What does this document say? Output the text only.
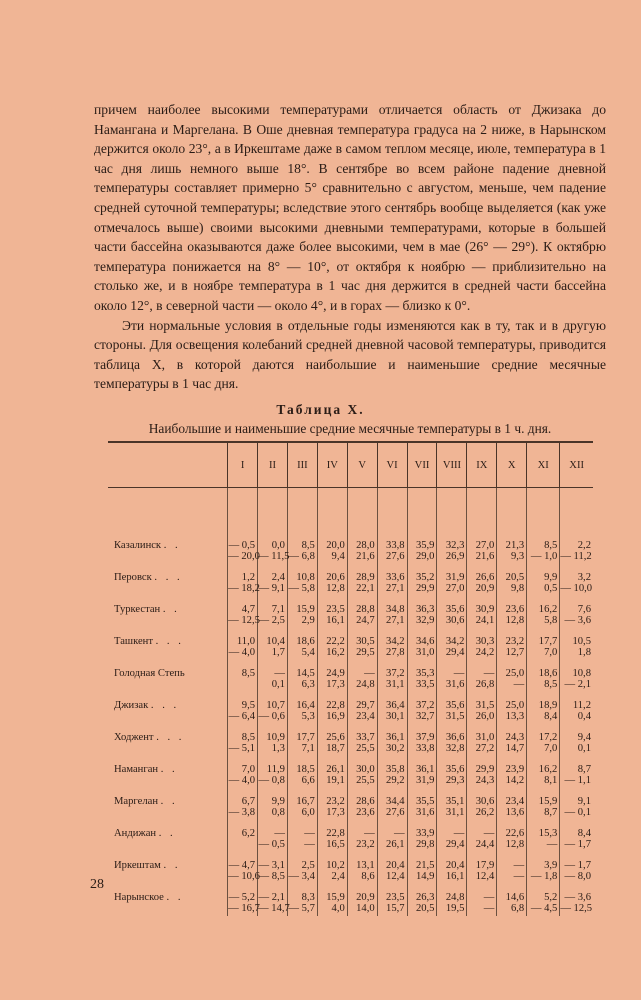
причем наиболее высокими температурами отличается область от Джизака до Намангана и Маргелана. В Оше дневная температура градуса на 2 ниже, в Нарынском держится около 23°, а в Иркештаме даже в самом теплом месяце, июле, температура в 1 час дня лишь немного выше 18°. В сентябре во всем районе падение дневной температуры составляет примерно 5° сравнительно с августом, меньше, чем падение средней суточной температуры; вследствие этого сентябрь вообще выделяется (как уже отмечалось выше) своими высокими дневными температурами, которые в большей части бассейна оказываются даже более высокими, чем в мае (26° — 29°). К октябрю температура понижается на 8° — 10°, от октября к ноябрю — приблизительно на столько же, и в ноябре температура в 1 час дня держится в средней части бассейна около 12°, в северной части — около 4°, и в горах — близко к 0°.

Эти нормальные условия в отдельные годы изменяются как в ту, так и в другую стороны. Для освещения колебаний средней дневной часовой температуры, приводится таблица X, в которой даются наибольшие и наименьшие средние месячные температуры в 1 час дня.

Таблица X.
Наибольшие и наименьшие средние месячные температуры в 1 ч. дня.
	I	II	III	IV	V	VI	VII	VIII	IX	X	XI	XII
Казалинск . .	— 0,5	0,0	8,5	20,0	28,0	33,8	35,9	32,3	27,0	21,3	8,5	2,2
	— 20,0	— 11,5	— 6,8	9,4	21,6	27,6	29,0	26,9	21,6	9,3	— 1,0	— 11,2
Перовск . . .	1,2	2,4	10,8	20,6	28,9	33,6	35,2	31,9	26,6	20,5	9,9	3,2
	— 18,2	— 9,1	— 5,8	12,8	22,1	27,1	29,9	27,0	20,9	9,8	0,5	— 10,0
Туркестан . .	4,7	7,1	15,9	23,5	28,8	34,8	36,3	35,6	30,9	23,6	16,2	7,6
	— 12,5	— 2,5	2,9	16,1	24,7	27,1	32,9	30,6	24,1	12,8	5,8	— 3,6
Ташкент . . .	11,0	10,4	18,6	22,2	30,5	34,2	34,6	34,2	30,3	23,2	17,7	10,5
	— 4,0	1,7	5,4	16,2	29,5	27,8	31,0	29,4	24,2	12,7	7,0	1,8
Голодная Степь	8,5	—	14,5	24,9	—	37,2	35,3	—	—	25,0	18,6	10,8
		0,1	6,3	17,3	24,8	31,1	33,5	31,6	26,8	—	8,5	— 2,1
Джизак . . .	9,5	10,7	16,4	22,8	29,7	36,4	37,2	35,6	31,5	25,0	18,9	11,2
	— 6,4	— 0,6	5,3	16,9	23,4	30,1	32,7	31,5	26,0	13,3	8,4	0,4
Ходжент . . .	8,5	10,9	17,7	25,6	33,7	36,1	37,9	36,6	31,0	24,3	17,2	9,4
	— 5,1	1,3	7,1	18,7	25,5	30,2	33,8	32,8	27,2	14,7	7,0	0,1
Наманган . .	7,0	11,9	18,5	26,1	30,0	35,8	36,1	35,6	29,9	23,9	16,2	8,7
	— 4,0	— 0,8	6,6	19,1	25,5	29,2	31,9	29,3	24,3	14,2	8,1	— 1,1
Маргелан . .	6,7	9,9	16,7	23,2	28,6	34,4	35,5	35,1	30,6	23,4	15,9	9,1
	— 3,8	0,8	6,0	17,3	23,6	27,6	31,6	31,1	26,2	13,6	8,7	— 0,1
Андижан . .	6,2	—	—	22,8	—	—	33,9	—	—	22,6	15,3	8,4
		— 0,5	—	16,5	23,2	26,1	29,8	29,4	24,4	12,8	—	— 1,7
Иркештам . .	— 4,7	— 3,1	2,5	10,2	13,1	20,4	21,5	20,4	17,9	—	3,9	— 1,7
	— 10,6	— 8,5	— 3,4	2,4	8,6	12,4	14,9	16,1	12,4	—	— 1,8	— 8,0
Нарынское . .	— 5,2	— 2,1	8,3	15,9	20,9	23,5	26,3	24,8	—	14,6	5,2	— 3,6
	— 16,7	— 14,7	— 5,7	4,0	14,0	15,7	20,5	19,5	—	6,8	— 4,5	— 12,5
28
